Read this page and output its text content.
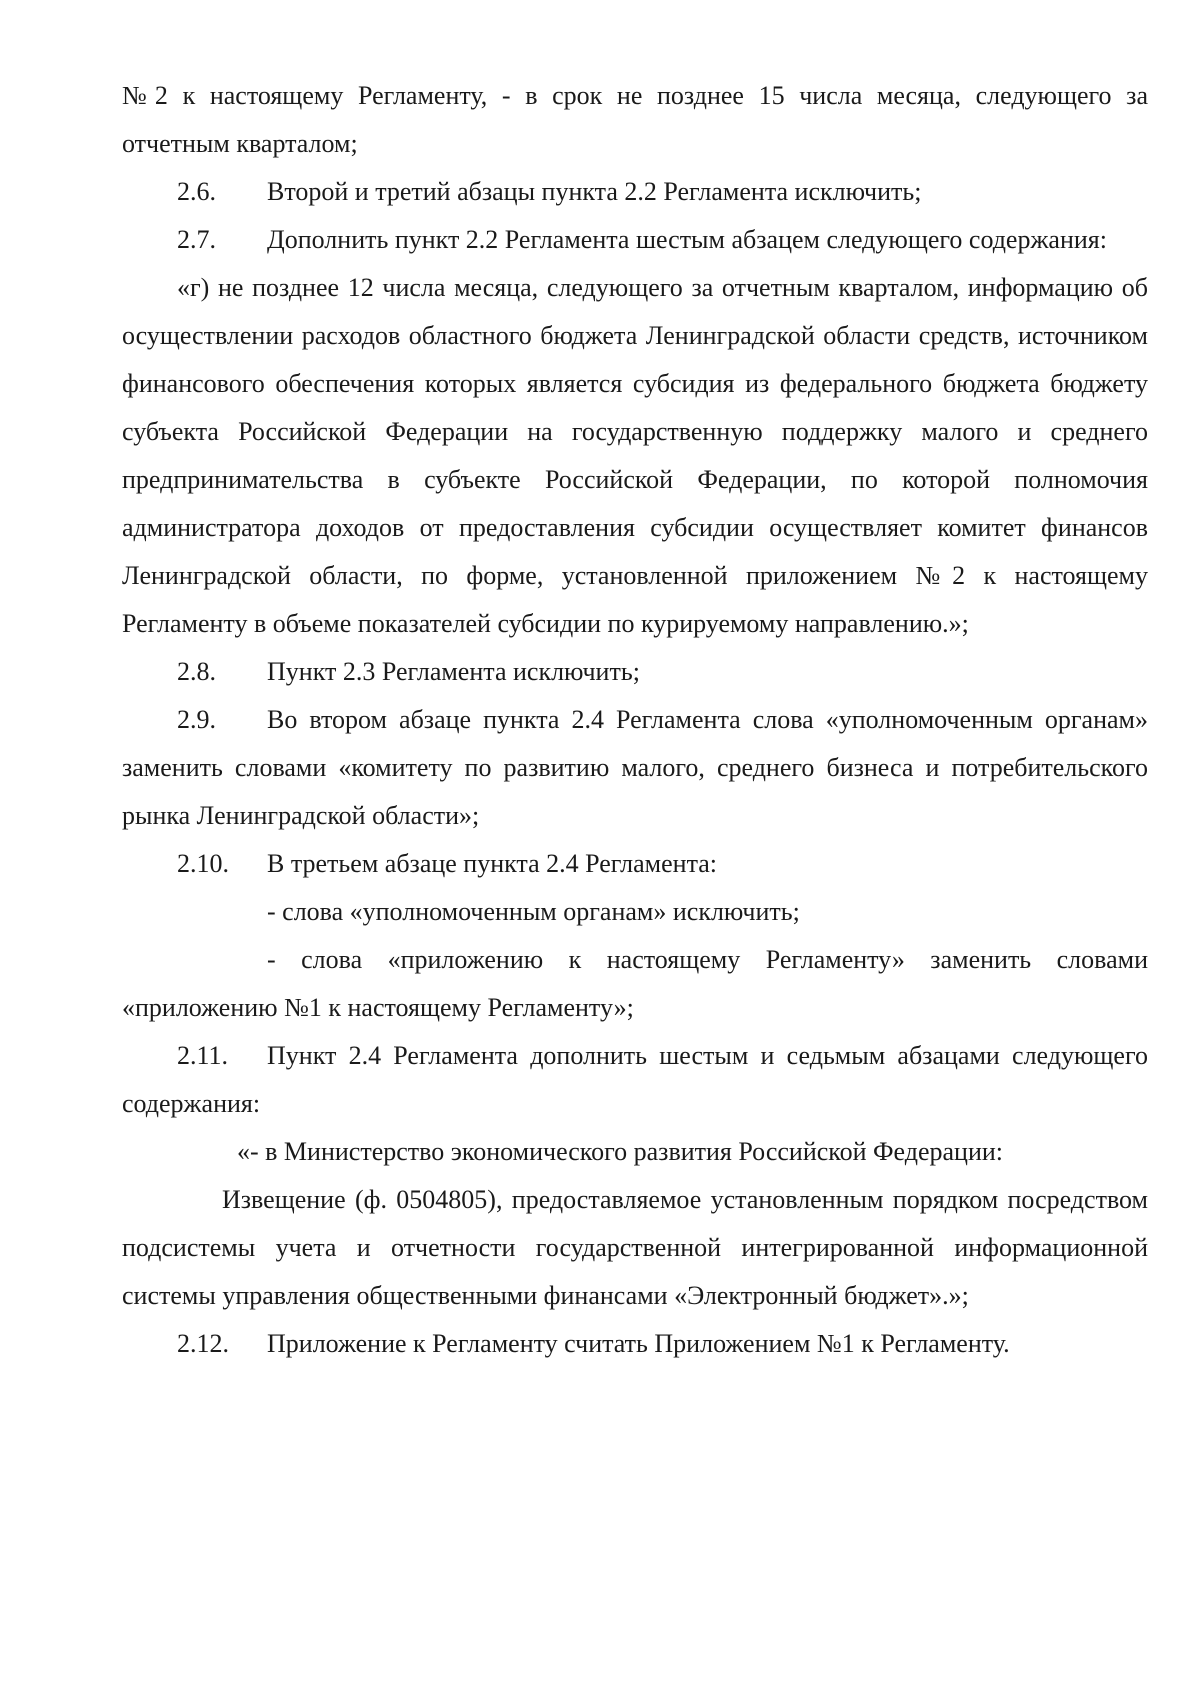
№2 к настоящему Регламенту, - в срок не позднее 15 числа месяца, следующего за отчетным кварталом;

2.6. Второй и третий абзацы пункта 2.2 Регламента исключить;

2.7. Дополнить пункт 2.2 Регламента шестым абзацем следующего содержания:

«г) не позднее 12 числа месяца, следующего за отчетным кварталом, информацию об осуществлении расходов областного бюджета Ленинградской области средств, источником финансового обеспечения которых является субсидия из федерального бюджета бюджету субъекта Российской Федерации на государственную поддержку малого и среднего предпринимательства в субъекте Российской Федерации, по которой полномочия администратора доходов от предоставления субсидии осуществляет комитет финансов Ленинградской области, по форме, установленной приложением №2 к настоящему Регламенту в объеме показателей субсидии по курируемому направлению.»;

2.8. Пункт 2.3 Регламента исключить;

2.9. Во втором абзаце пункта 2.4 Регламента слова «уполномоченным органам» заменить словами «комитету по развитию малого, среднего бизнеса и потребительского рынка Ленинградской области»;

2.10. В третьем абзаце пункта 2.4 Регламента:

- слова «уполномоченным органам» исключить;

- слова «приложению к настоящему Регламенту» заменить словами «приложению №1 к настоящему Регламенту»;

2.11. Пункт 2.4 Регламента дополнить шестым и седьмым абзацами следующего содержания:

«- в Министерство экономического развития Российской Федерации:

Извещение (ф. 0504805), предоставляемое установленным порядком посредством подсистемы учета и отчетности государственной интегрированной информационной системы управления общественными финансами «Электронный бюджет».»;

2.12. Приложение к Регламенту считать Приложением №1 к Регламенту.
